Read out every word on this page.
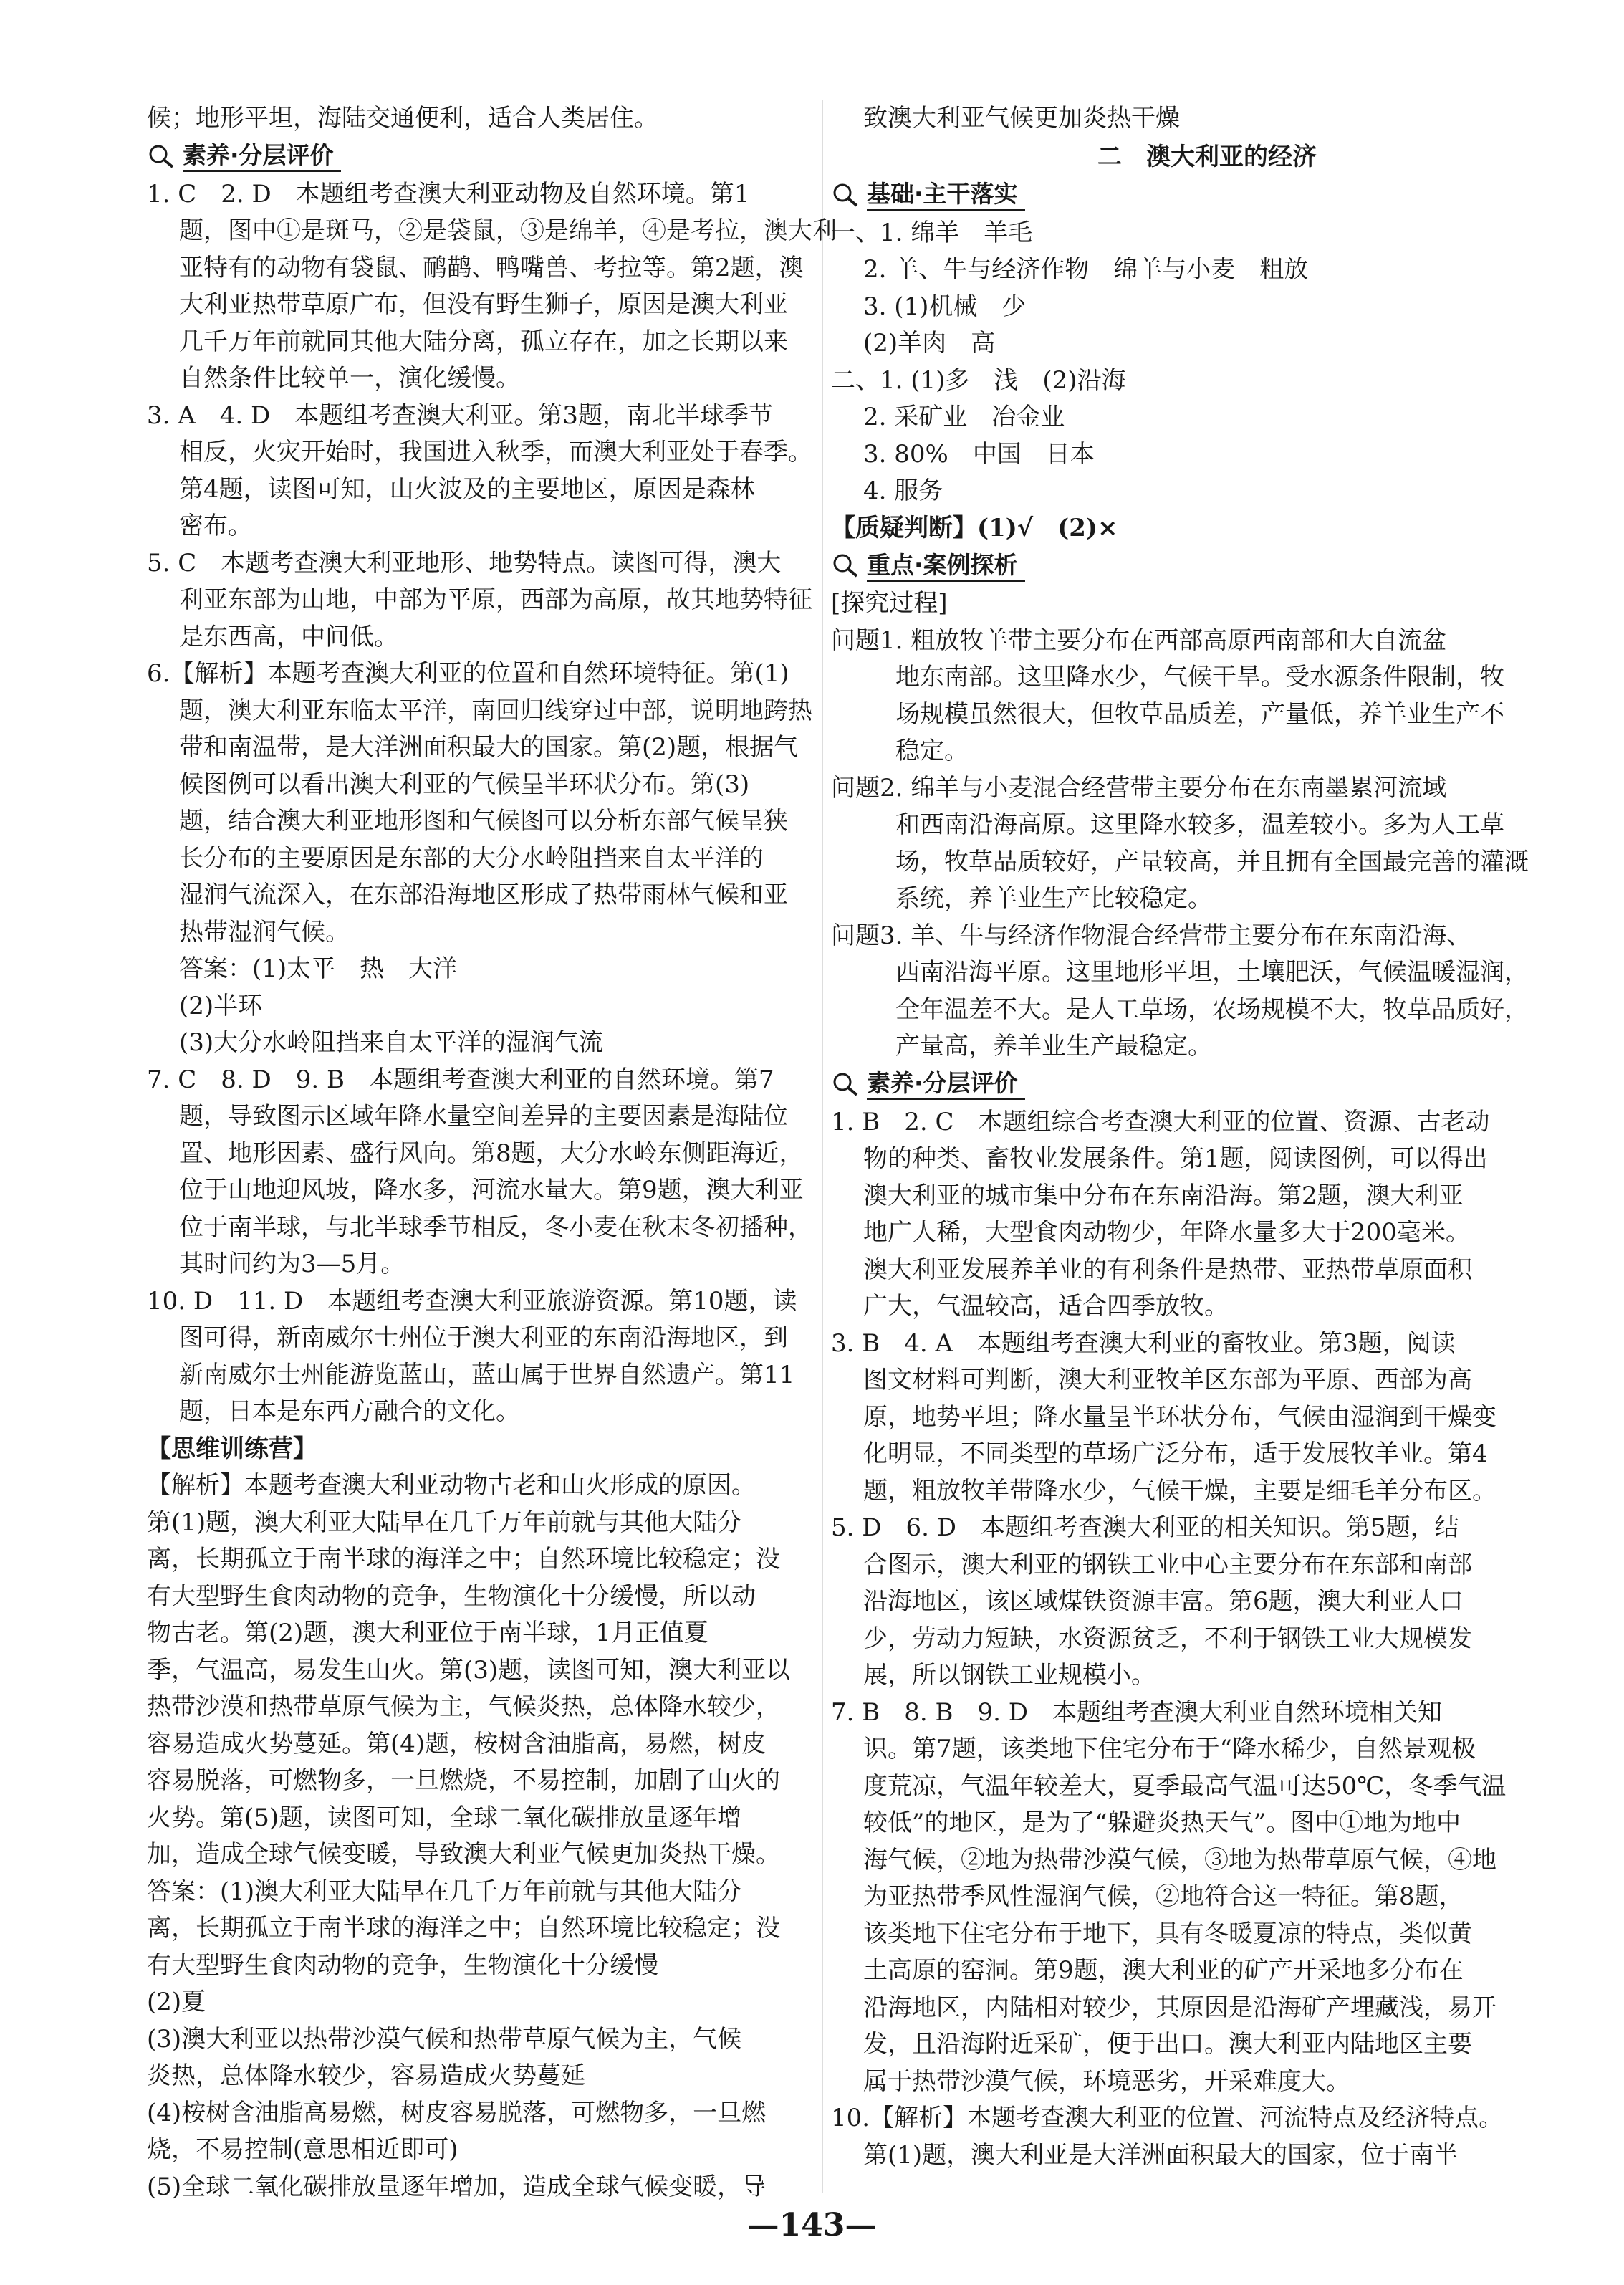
候；地形平坦，海陆交通便利，适合人类居住。

素养·分层评价

1. C　2. D　本题组考查澳大利亚动物及自然环境。第1

题，图中①是斑马，②是袋鼠，③是绵羊，④是考拉，澳大利

亚特有的动物有袋鼠、鸸鹋、鸭嘴兽、考拉等。第2题，澳

大利亚热带草原广布，但没有野生狮子，原因是澳大利亚

几千万年前就同其他大陆分离，孤立存在，加之长期以来

自然条件比较单一，演化缓慢。

3. A　4. D　本题组考查澳大利亚。第3题，南北半球季节

相反，火灾开始时，我国进入秋季，而澳大利亚处于春季。

第4题，读图可知，山火波及的主要地区，原因是森林

密布。

5. C　本题考查澳大利亚地形、地势特点。读图可得，澳大

利亚东部为山地，中部为平原，西部为高原，故其地势特征

是东西高，中间低。

6.【解析】本题考查澳大利亚的位置和自然环境特征。第(1)

题，澳大利亚东临太平洋，南回归线穿过中部，说明地跨热

带和南温带，是大洋洲面积最大的国家。第(2)题，根据气

候图例可以看出澳大利亚的气候呈半环状分布。第(3)

题，结合澳大利亚地形图和气候图可以分析东部气候呈狭

长分布的主要原因是东部的大分水岭阻挡来自太平洋的

湿润气流深入，在东部沿海地区形成了热带雨林气候和亚

热带湿润气候。

答案：(1)太平　热　大洋

(2)半环

(3)大分水岭阻挡来自太平洋的湿润气流

7. C　8. D　9. B　本题组考查澳大利亚的自然环境。第7

题，导致图示区域年降水量空间差异的主要因素是海陆位

置、地形因素、盛行风向。第8题，大分水岭东侧距海近，

位于山地迎风坡，降水多，河流水量大。第9题，澳大利亚

位于南半球，与北半球季节相反，冬小麦在秋末冬初播种，

其时间约为3—5月。

10. D　11. D　本题组考查澳大利亚旅游资源。第10题，读

图可得，新南威尔士州位于澳大利亚的东南沿海地区，到

新南威尔士州能游览蓝山，蓝山属于世界自然遗产。第11

题，日本是东西方融合的文化。

【思维训练营】

【解析】本题考查澳大利亚动物古老和山火形成的原因。

第(1)题，澳大利亚大陆早在几千万年前就与其他大陆分

离，长期孤立于南半球的海洋之中；自然环境比较稳定；没

有大型野生食肉动物的竞争，生物演化十分缓慢，所以动

物古老。第(2)题，澳大利亚位于南半球，1月正值夏

季，气温高，易发生山火。第(3)题，读图可知，澳大利亚以

热带沙漠和热带草原气候为主，气候炎热，总体降水较少，

容易造成火势蔓延。第(4)题，桉树含油脂高，易燃，树皮

容易脱落，可燃物多，一旦燃烧，不易控制，加剧了山火的

火势。第(5)题，读图可知，全球二氧化碳排放量逐年增

加，造成全球气候变暖，导致澳大利亚气候更加炎热干燥。

答案：(1)澳大利亚大陆早在几千万年前就与其他大陆分

离，长期孤立于南半球的海洋之中；自然环境比较稳定；没

有大型野生食肉动物的竞争，生物演化十分缓慢

(2)夏

(3)澳大利亚以热带沙漠气候和热带草原气候为主，气候

炎热，总体降水较少，容易造成火势蔓延

(4)桉树含油脂高易燃，树皮容易脱落，可燃物多，一旦燃

烧，不易控制(意思相近即可)

(5)全球二氧化碳排放量逐年增加，造成全球气候变暖，导

致澳大利亚气候更加炎热干燥

二　澳大利亚的经济

基础·主干落实

一、1. 绵羊　羊毛

2. 羊、牛与经济作物　绵羊与小麦　粗放

3. (1)机械　少

(2)羊肉　高

二、1. (1)多　浅　(2)沿海

2. 采矿业　冶金业

3. 80%　中国　日本

4. 服务

【质疑判断】(1)√　(2)×

重点·案例探析

[探究过程]

问题1. 粗放牧羊带主要分布在西部高原西南部和大自流盆

地东南部。这里降水少，气候干旱。受水源条件限制，牧

场规模虽然很大，但牧草品质差，产量低，养羊业生产不

稳定。

问题2. 绵羊与小麦混合经营带主要分布在东南墨累河流域

和西南沿海高原。这里降水较多，温差较小。多为人工草

场，牧草品质较好，产量较高，并且拥有全国最完善的灌溉

系统，养羊业生产比较稳定。

问题3. 羊、牛与经济作物混合经营带主要分布在东南沿海、

西南沿海平原。这里地形平坦，土壤肥沃，气候温暖湿润，

全年温差不大。是人工草场，农场规模不大，牧草品质好，

产量高，养羊业生产最稳定。

素养·分层评价

1. B　2. C　本题组综合考查澳大利亚的位置、资源、古老动

物的种类、畜牧业发展条件。第1题，阅读图例，可以得出

澳大利亚的城市集中分布在东南沿海。第2题，澳大利亚

地广人稀，大型食肉动物少，年降水量多大于200毫米。

澳大利亚发展养羊业的有利条件是热带、亚热带草原面积

广大，气温较高，适合四季放牧。

3. B　4. A　本题组考查澳大利亚的畜牧业。第3题，阅读

图文材料可判断，澳大利亚牧羊区东部为平原、西部为高

原，地势平坦；降水量呈半环状分布，气候由湿润到干燥变

化明显，不同类型的草场广泛分布，适于发展牧羊业。第4

题，粗放牧羊带降水少，气候干燥，主要是细毛羊分布区。

5. D　6. D　本题组考查澳大利亚的相关知识。第5题，结

合图示，澳大利亚的钢铁工业中心主要分布在东部和南部

沿海地区，该区域煤铁资源丰富。第6题，澳大利亚人口

少，劳动力短缺，水资源贫乏，不利于钢铁工业大规模发

展，所以钢铁工业规模小。

7. B　8. B　9. D　本题组考查澳大利亚自然环境相关知

识。第7题，该类地下住宅分布于“降水稀少，自然景观极

度荒凉，气温年较差大，夏季最高气温可达50℃，冬季气温

较低”的地区，是为了“躲避炎热天气”。图中①地为地中

海气候，②地为热带沙漠气候，③地为热带草原气候，④地

为亚热带季风性湿润气候，②地符合这一特征。第8题，

该类地下住宅分布于地下，具有冬暖夏凉的特点，类似黄

土高原的窑洞。第9题，澳大利亚的矿产开采地多分布在

沿海地区，内陆相对较少，其原因是沿海矿产埋藏浅，易开

发，且沿海附近采矿，便于出口。澳大利亚内陆地区主要

属于热带沙漠气候，环境恶劣，开采难度大。

10.【解析】本题考查澳大利亚的位置、河流特点及经济特点。

第(1)题，澳大利亚是大洋洲面积最大的国家，位于南半

—143—
